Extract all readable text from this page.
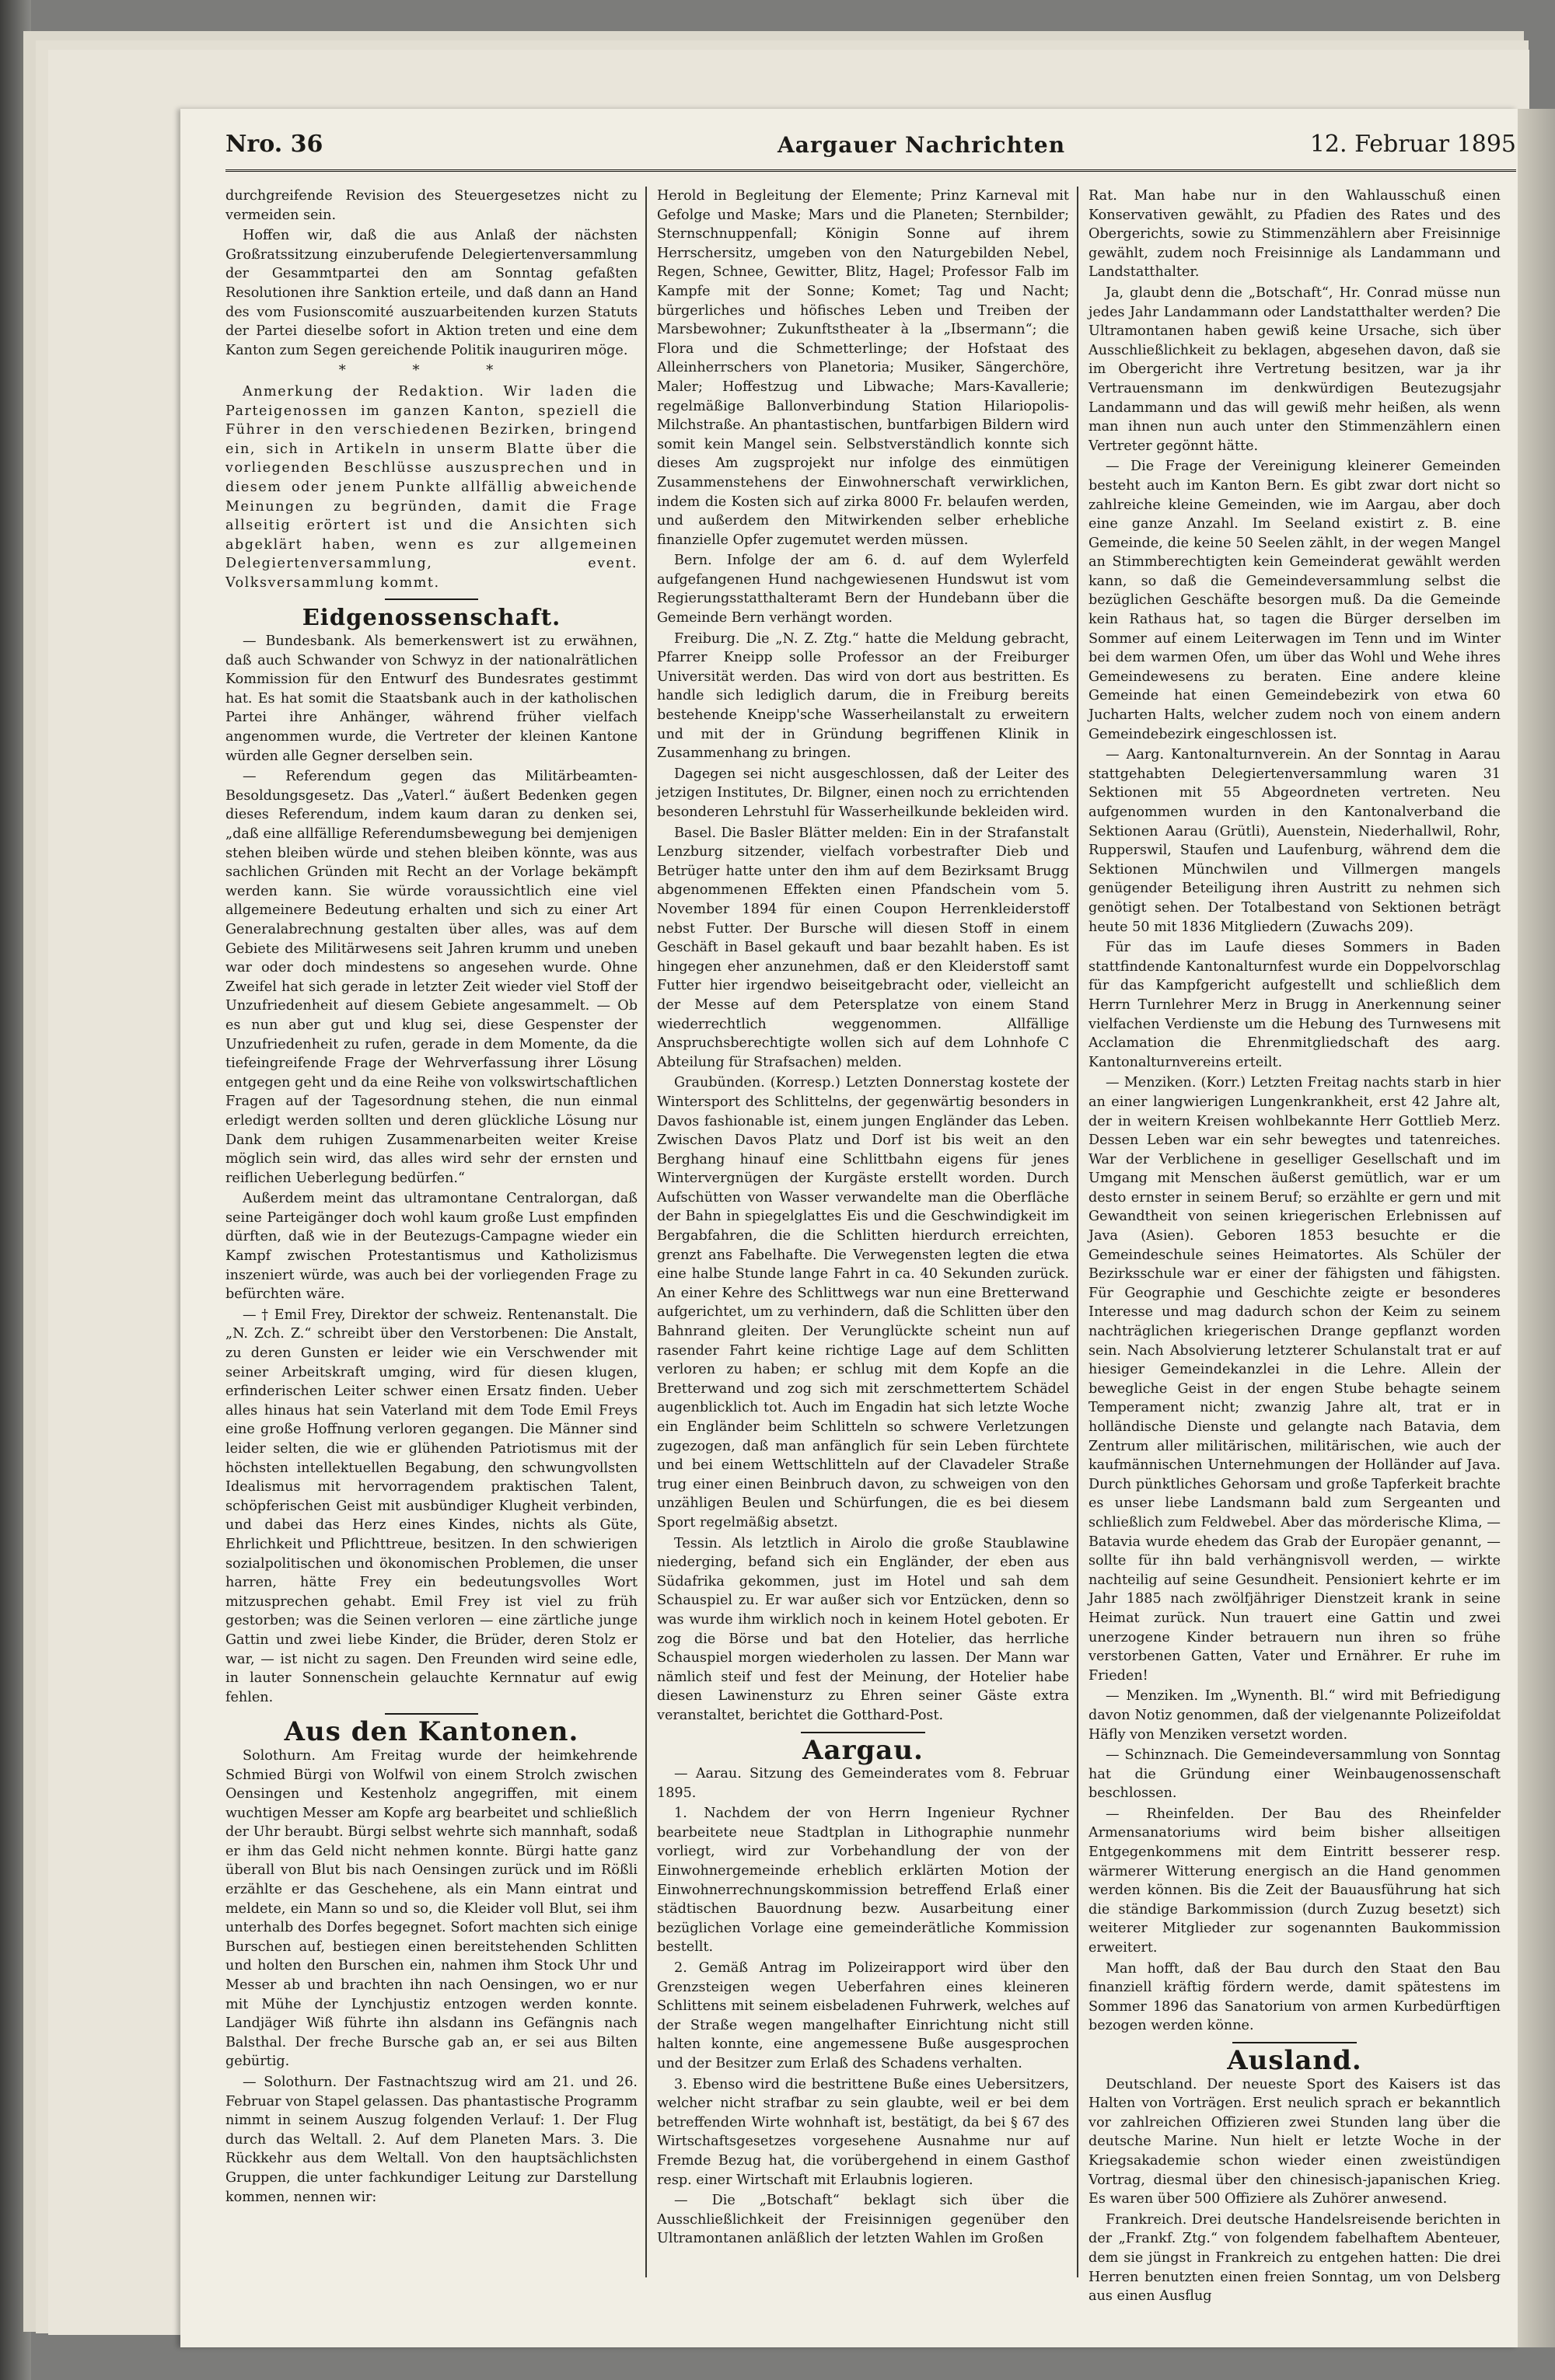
Nro. 36	Aargauer Nachrichten	12. Februar 1895

durchgreifende Revision des Steuergesetzes nicht zu vermeiden sein.

Hoffen wir, daß die aus Anlaß der nächsten Großratssitzung einzuberufende Delegiertenversammlung der Gesammtpartei den am Sonntag gefaßten Resolutionen ihre Sanktion erteile, und daß dann an Hand des vom Fusionscomité auszuarbeitenden kurzen Statuts der Partei dieselbe sofort in Aktion treten und eine dem Kanton zum Segen gereichende Politik inauguriren möge.

* * *

Anmerkung der Redaktion. Wir laden die Parteigenossen im ganzen Kanton, speziell die Führer in den verschiedenen Bezirken, bringend ein, sich in Artikeln in unserm Blatte über die vorliegenden Beschlüsse auszusprechen und in diesem oder jenem Punkte allfällig abweichende Meinungen zu begründen, damit die Frage allseitig erörtert ist und die Ansichten sich abgeklärt haben, wenn es zur allgemeinen Delegiertenversammlung, event. Volksversammlung kommt.

Eidgenossenschaft.

— Bundesbank. Als bemerkenswert ist zu erwähnen, daß auch Schwander von Schwyz in der nationalrätlichen Kommission für den Entwurf des Bundesrates gestimmt hat. Es hat somit die Staatsbank auch in der katholischen Partei ihre Anhänger, während früher vielfach angenommen wurde, die Vertreter der kleinen Kantone würden alle Gegner derselben sein.

— Referendum gegen das Militärbeamten-Besoldungsgesetz. Das „Vaterl.“ äußert Bedenken gegen dieses Referendum, indem kaum daran zu denken sei, „daß eine allfällige Referendumsbewegung bei demjenigen stehen bleiben würde und stehen bleiben könnte, was aus sachlichen Gründen mit Recht an der Vorlage bekämpft werden kann. Sie würde voraussichtlich eine viel allgemeinere Bedeutung erhalten und sich zu einer Art Generalabrechnung gestalten über alles, was auf dem Gebiete des Militärwesens seit Jahren krumm und uneben war oder doch mindestens so angesehen wurde. Ohne Zweifel hat sich gerade in letzter Zeit wieder viel Stoff der Unzufriedenheit auf diesem Gebiete angesammelt. — Ob es nun aber gut und klug sei, diese Gespenster der Unzufriedenheit zu rufen, gerade in dem Momente, da die tiefeingreifende Frage der Wehrverfassung ihrer Lösung entgegen geht und da eine Reihe von volkswirtschaftlichen Fragen auf der Tagesordnung stehen, die nun einmal erledigt werden sollten und deren glückliche Lösung nur Dank dem ruhigen Zusammenarbeiten weiter Kreise möglich sein wird, das alles wird sehr der ernsten und reiflichen Ueberlegung bedürfen.“

Außerdem meint das ultramontane Centralorgan, daß seine Parteigänger doch wohl kaum große Lust empfinden dürften, daß wie in der Beutezugs-Campagne wieder ein Kampf zwischen Protestantismus und Katholizismus inszeniert würde, was auch bei der vorliegenden Frage zu befürchten wäre.

— † Emil Frey, Direktor der schweiz. Rentenanstalt. Die „N. Zch. Z.“ schreibt über den Verstorbenen: Die Anstalt, zu deren Gunsten er leider wie ein Verschwender mit seiner Arbeitskraft umging, wird für diesen klugen, erfinderischen Leiter schwer einen Ersatz finden. Ueber alles hinaus hat sein Vaterland mit dem Tode Emil Freys eine große Hoffnung verloren gegangen. Die Männer sind leider selten, die wie er glühenden Patriotismus mit der höchsten intellektuellen Begabung, den schwungvollsten Idealismus mit hervorragendem praktischen Talent, schöpferischen Geist mit ausbündiger Klugheit verbinden, und dabei das Herz eines Kindes, nichts als Güte, Ehrlichkeit und Pflichttreue, besitzen. In den schwierigen sozialpolitischen und ökonomischen Problemen, die unser harren, hätte Frey ein bedeutungsvolles Wort mitzusprechen gehabt. Emil Frey ist viel zu früh gestorben; was die Seinen verloren — eine zärtliche junge Gattin und zwei liebe Kinder, die Brüder, deren Stolz er war, — ist nicht zu sagen. Den Freunden wird seine edle, in lauter Sonnenschein gelauchte Kernnatur auf ewig fehlen.

Aus den Kantonen.

Solothurn. Am Freitag wurde der heimkehrende Schmied Bürgi von Wolfwil von einem Strolch zwischen Oensingen und Kestenholz angegriffen, mit einem wuchtigen Messer am Kopfe arg bearbeitet und schließlich der Uhr beraubt. Bürgi selbst wehrte sich mannhaft, sodaß er ihm das Geld nicht nehmen konnte. Bürgi hatte ganz überall von Blut bis nach Oensingen zurück und im Rößli erzählte er das Geschehene, als ein Mann eintrat und meldete, ein Mann so und so, die Kleider voll Blut, sei ihm unterhalb des Dorfes begegnet. Sofort machten sich einige Burschen auf, bestiegen einen bereitstehenden Schlitten und holten den Burschen ein, nahmen ihm Stock Uhr und Messer ab und brachten ihn nach Oensingen, wo er nur mit Mühe der Lynchjustiz entzogen werden konnte. Landjäger Wiß führte ihn alsdann ins Gefängnis nach Balsthal. Der freche Bursche gab an, er sei aus Bilten gebürtig.

— Solothurn. Der Fastnachtszug wird am 21. und 26. Februar von Stapel gelassen. Das phantastische Programm nimmt in seinem Auszug folgenden Verlauf: 1. Der Flug durch das Weltall. 2. Auf dem Planeten Mars. 3. Die Rückkehr aus dem Weltall. Von den hauptsächlichsten Gruppen, die unter fachkundiger Leitung zur Darstellung kommen, nennen wir:

Herold in Begleitung der Elemente; Prinz Karneval mit Gefolge und Maske; Mars und die Planeten; Sternbilder; Sternschnuppenfall; Königin Sonne auf ihrem Herrschersitz, umgeben von den Naturgebilden Nebel, Regen, Schnee, Gewitter, Blitz, Hagel; Professor Falb im Kampfe mit der Sonne; Komet; Tag und Nacht; bürgerliches und höfisches Leben und Treiben der Marsbewohner; Zukunftstheater à la „Ibsermann“; die Flora und die Schmetterlinge; der Hofstaat des Alleinherrschers von Planetoria; Musiker, Sängerchöre, Maler; Hoffestzug und Libwache; Mars-Kavallerie; regelmäßige Ballonverbindung Station Hilariopolis-Milchstraße. An phantastischen, buntfarbigen Bildern wird somit kein Mangel sein. Selbstverständlich konnte sich dieses Am zugsprojekt nur infolge des einmütigen Zusammenstehens der Einwohnerschaft verwirklichen, indem die Kosten sich auf zirka 8000 Fr. belaufen werden, und außerdem den Mitwirkenden selber erhebliche finanzielle Opfer zugemutet werden müssen.

Bern. Infolge der am 6. d. auf dem Wylerfeld aufgefangenen Hund nachgewiesenen Hundswut ist vom Regierungsstatthalteramt Bern der Hundebann über die Gemeinde Bern verhängt worden.

Freiburg. Die „N. Z. Ztg.“ hatte die Meldung gebracht, Pfarrer Kneipp solle Professor an der Freiburger Universität werden. Das wird von dort aus bestritten. Es handle sich lediglich darum, die in Freiburg bereits bestehende Kneipp'sche Wasserheilanstalt zu erweitern und mit der in Gründung begriffenen Klinik in Zusammenhang zu bringen.

Dagegen sei nicht ausgeschlossen, daß der Leiter des jetzigen Institutes, Dr. Bilgner, einen noch zu errichtenden besonderen Lehrstuhl für Wasserheilkunde bekleiden wird.

Basel. Die Basler Blätter melden: Ein in der Strafanstalt Lenzburg sitzender, vielfach vorbestrafter Dieb und Betrüger hatte unter den ihm auf dem Bezirksamt Brugg abgenommenen Effekten einen Pfandschein vom 5. November 1894 für einen Coupon Herrenkleiderstoff nebst Futter. Der Bursche will diesen Stoff in einem Geschäft in Basel gekauft und baar bezahlt haben. Es ist hingegen eher anzunehmen, daß er den Kleiderstoff samt Futter hier irgendwo beiseitgebracht oder, vielleicht an der Messe auf dem Petersplatze von einem Stand wiederrechtlich weggenommen. Allfällige Anspruchsberechtigte wollen sich auf dem Lohnhofe C Abteilung für Strafsachen) melden.

Graubünden. (Korresp.) Letzten Donnerstag kostete der Wintersport des Schlittelns, der gegenwärtig besonders in Davos fashionable ist, einem jungen Engländer das Leben. Zwischen Davos Platz und Dorf ist bis weit an den Berghang hinauf eine Schlittbahn eigens für jenes Wintervergnügen der Kurgäste erstellt worden. Durch Aufschütten von Wasser verwandelte man die Oberfläche der Bahn in spiegelglattes Eis und die Geschwindigkeit im Bergabfahren, die die Schlitten hierdurch erreichten, grenzt ans Fabelhafte. Die Verwegensten legten die etwa eine halbe Stunde lange Fahrt in ca. 40 Sekunden zurück. An einer Kehre des Schlittwegs war nun eine Bretterwand aufgerichtet, um zu verhindern, daß die Schlitten über den Bahnrand gleiten. Der Verunglückte scheint nun auf rasender Fahrt keine richtige Lage auf dem Schlitten verloren zu haben; er schlug mit dem Kopfe an die Bretterwand und zog sich mit zerschmettertem Schädel augenblicklich tot. Auch im Engadin hat sich letzte Woche ein Engländer beim Schlitteln so schwere Verletzungen zugezogen, daß man anfänglich für sein Leben fürchtete und bei einem Wettschlitteln auf der Clavadeler Straße trug einer einen Beinbruch davon, zu schweigen von den unzähligen Beulen und Schürfungen, die es bei diesem Sport regelmäßig absetzt.

Tessin. Als letztlich in Airolo die große Staublawine niederging, befand sich ein Engländer, der eben aus Südafrika gekommen, just im Hotel und sah dem Schauspiel zu. Er war außer sich vor Entzücken, denn so was wurde ihm wirklich noch in keinem Hotel geboten. Er zog die Börse und bat den Hotelier, das herrliche Schauspiel morgen wiederholen zu lassen. Der Mann war nämlich steif und fest der Meinung, der Hotelier habe diesen Lawinensturz zu Ehren seiner Gäste extra veranstaltet, berichtet die Gotthard-Post.

Aargau.

— Aarau. Sitzung des Gemeinderates vom 8. Februar 1895.

1. Nachdem der von Herrn Ingenieur Rychner bearbeitete neue Stadtplan in Lithographie nunmehr vorliegt, wird zur Vorbehandlung der von der Einwohnergemeinde erheblich erklärten Motion der Einwohnerrechnungskommission betreffend Erlaß einer städtischen Bauordnung bezw. Ausarbeitung einer bezüglichen Vorlage eine gemeinderätliche Kommission bestellt.

2. Gemäß Antrag im Polizeirapport wird über den Grenzsteigen wegen Ueberfahren eines kleineren Schlittens mit seinem eisbeladenen Fuhrwerk, welches auf der Straße wegen mangelhafter Einrichtung nicht still halten konnte, eine angemessene Buße ausgesprochen und der Besitzer zum Erlaß des Schadens verhalten.

3. Ebenso wird die bestrittene Buße eines Uebersitzers, welcher nicht strafbar zu sein glaubte, weil er bei dem betreffenden Wirte wohnhaft ist, bestätigt, da bei § 67 des Wirtschaftsgesetzes vorgesehene Ausnahme nur auf Fremde Bezug hat, die vorübergehend in einem Gasthof resp. einer Wirtschaft mit Erlaubnis logieren.

— Die „Botschaft“ beklagt sich über die Ausschließlichkeit der Freisinnigen gegenüber den Ultramontanen anläßlich der letzten Wahlen im Großen

Rat. Man habe nur in den Wahlausschuß einen Konservativen gewählt, zu Pfadien des Rates und des Obergerichts, sowie zu Stimmenzählern aber Freisinnige gewählt, zudem noch Freisinnige als Landammann und Landstatthalter.

Ja, glaubt denn die „Botschaft“, Hr. Conrad müsse nun jedes Jahr Landammann oder Landstatthalter werden? Die Ultramontanen haben gewiß keine Ursache, sich über Ausschließlichkeit zu beklagen, abgesehen davon, daß sie im Obergericht ihre Vertretung besitzen, war ja ihr Vertrauensmann im denkwürdigen Beutezugsjahr Landammann und das will gewiß mehr heißen, als wenn man ihnen nun auch unter den Stimmenzählern einen Vertreter gegönnt hätte.

— Die Frage der Vereinigung kleinerer Gemeinden besteht auch im Kanton Bern. Es gibt zwar dort nicht so zahlreiche kleine Gemeinden, wie im Aargau, aber doch eine ganze Anzahl. Im Seeland existirt z. B. eine Gemeinde, die keine 50 Seelen zählt, in der wegen Mangel an Stimmberechtigten kein Gemeinderat gewählt werden kann, so daß die Gemeindeversammlung selbst die bezüglichen Geschäfte besorgen muß. Da die Gemeinde kein Rathaus hat, so tagen die Bürger derselben im Sommer auf einem Leiterwagen im Tenn und im Winter bei dem warmen Ofen, um über das Wohl und Wehe ihres Gemeindewesens zu beraten. Eine andere kleine Gemeinde hat einen Gemeindebezirk von etwa 60 Jucharten Halts, welcher zudem noch von einem andern Gemeindebezirk eingeschlossen ist.

— Aarg. Kantonalturnverein. An der Sonntag in Aarau stattgehabten Delegiertenversammlung waren 31 Sektionen mit 55 Abgeordneten vertreten. Neu aufgenommen wurden in den Kantonalverband die Sektionen Aarau (Grütli), Auenstein, Niederhallwil, Rohr, Rupperswil, Staufen und Laufenburg, während dem die Sektionen Münchwilen und Villmergen mangels genügender Beteiligung ihren Austritt zu nehmen sich genötigt sehen. Der Totalbestand von Sektionen beträgt heute 50 mit 1836 Mitgliedern (Zuwachs 209).

Für das im Laufe dieses Sommers in Baden stattfindende Kantonalturnfest wurde ein Doppelvorschlag für das Kampfgericht aufgestellt und schließlich dem Herrn Turnlehrer Merz in Brugg in Anerkennung seiner vielfachen Verdienste um die Hebung des Turnwesens mit Acclamation die Ehrenmitgliedschaft des aarg. Kantonalturnvereins erteilt.

— Menziken. (Korr.) Letzten Freitag nachts starb in hier an einer langwierigen Lungenkrankheit, erst 42 Jahre alt, der in weitern Kreisen wohlbekannte Herr Gottlieb Merz. Dessen Leben war ein sehr bewegtes und tatenreiches. War der Verblichene in geselliger Gesellschaft und im Umgang mit Menschen äußerst gemütlich, war er um desto ernster in seinem Beruf; so erzählte er gern und mit Gewandtheit von seinen kriegerischen Erlebnissen auf Java (Asien). Geboren 1853 besuchte er die Gemeindeschule seines Heimatortes. Als Schüler der Bezirksschule war er einer der fähigsten und fähigsten. Für Geographie und Geschichte zeigte er besonderes Interesse und mag dadurch schon der Keim zu seinem nachträglichen kriegerischen Drange gepflanzt worden sein. Nach Absolvierung letzterer Schulanstalt trat er auf hiesiger Gemeindekanzlei in die Lehre. Allein der bewegliche Geist in der engen Stube behagte seinem Temperament nicht; zwanzig Jahre alt, trat er in holländische Dienste und gelangte nach Batavia, dem Zentrum aller militärischen, militärischen, wie auch der kaufmännischen Unternehmungen der Holländer auf Java. Durch pünktliches Gehorsam und große Tapferkeit brachte es unser liebe Landsmann bald zum Sergeanten und schließlich zum Feldwebel. Aber das mörderische Klima, — Batavia wurde ehedem das Grab der Europäer genannt, — sollte für ihn bald verhängnisvoll werden, — wirkte nachteilig auf seine Gesundheit. Pensioniert kehrte er im Jahr 1885 nach zwölfjähriger Dienstzeit krank in seine Heimat zurück. Nun trauert eine Gattin und zwei unerzogene Kinder betrauern nun ihren so frühe verstorbenen Gatten, Vater und Ernährer. Er ruhe im Frieden!

— Menziken. Im „Wynenth. Bl.“ wird mit Befriedigung davon Notiz genommen, daß der vielgenannte Polizeifoldat Häfly von Menziken versetzt worden.

— Schinznach. Die Gemeindeversammlung von Sonntag hat die Gründung einer Weinbaugenossenschaft beschlossen.

— Rheinfelden. Der Bau des Rheinfelder Armensanatoriums wird beim bisher allseitigen Entgegenkommens mit dem Eintritt besserer resp. wärmerer Witterung energisch an die Hand genommen werden können. Bis die Zeit der Bauausführung hat sich die ständige Barkommission (durch Zuzug besetzt) sich weiterer Mitglieder zur sogenannten Baukommission erweitert.

Man hofft, daß der Bau durch den Staat den Bau finanziell kräftig fördern werde, damit spätestens im Sommer 1896 das Sanatorium von armen Kurbedürftigen bezogen werden könne.

Ausland.

Deutschland. Der neueste Sport des Kaisers ist das Halten von Vorträgen. Erst neulich sprach er bekanntlich vor zahlreichen Offizieren zwei Stunden lang über die deutsche Marine. Nun hielt er letzte Woche in der Kriegsakademie schon wieder einen zweistündigen Vortrag, diesmal über den chinesisch-japanischen Krieg. Es waren über 500 Offiziere als Zuhörer anwesend.

Frankreich. Drei deutsche Handelsreisende berichten in der „Frankf. Ztg.“ von folgendem fabelhaftem Abenteuer, dem sie jüngst in Frankreich zu entgehen hatten: Die drei Herren benutzten einen freien Sonntag, um von Delsberg aus einen Ausflug
